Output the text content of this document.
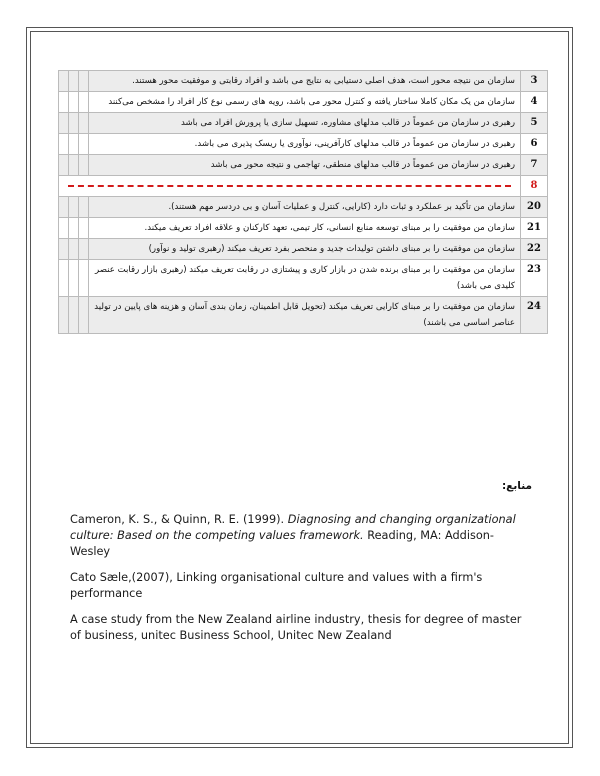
3	سازمان من نتیجه محور است، هدف اصلی دستیابی به نتایج می باشد و افراد رقابتی و موفقیت محور هستند.			
4	سازمان من یک مکان کاملا ساختار یافته و کنترل محور می باشد، رویه های رسمی نوع کار افراد را مشخص می‌کنند			
5	رهبری در سازمان من عموماً در قالب مدلهای مشاوره، تسهیل سازی یا پرورش افراد می باشد			
6	رهبری در سازمان من عموماً در قالب مدلهای کارآفرینی، نوآوری یا ریسک پذیری می باشد.			
7	رهبری در سازمان من عموماً در قالب مدلهای منطقی، تهاجمی و نتیجه محور می باشد			
8				

20	سازمان من تأکید بر عملکرد و ثبات دارد (کارایی، کنترل و عملیات آسان و بی دردسر مهم هستند).			
21	سازمان من موفقیت را بر مبنای توسعه منابع انسانی، کار تیمی، تعهد کارکنان و علاقه افراد تعریف میکند.			
22	سازمان من موفقیت را بر مبنای داشتن تولیدات جدید و منحصر بفرد تعریف میکند (رهبری تولید و نوآور)			
23	سازمان من موفقیت را بر مبنای برنده شدن در بازار کاری و پیشتازی در رقابت تعریف میکند (رهبری بازار رقابت عنصر کلیدی می باشد)			
24	سازمان من موفقیت را بر مبنای کارایی تعریف میکند (تحویل قابل اطمینان، زمان بندی آسان و هزینه های پایین در تولید عناصر اساسی می باشند)			
منابع:
Cameron, K. S., & Quinn, R. E. (1999). Diagnosing and changing organizational culture: Based on the competing values framework. Reading, MA: Addison-Wesley
Cato Sæle,(2007), Linking organisational culture and values with a firm's performance
A case study from the New Zealand airline industry, thesis for degree of master of business, unitec Business School, Unitec New Zealand
